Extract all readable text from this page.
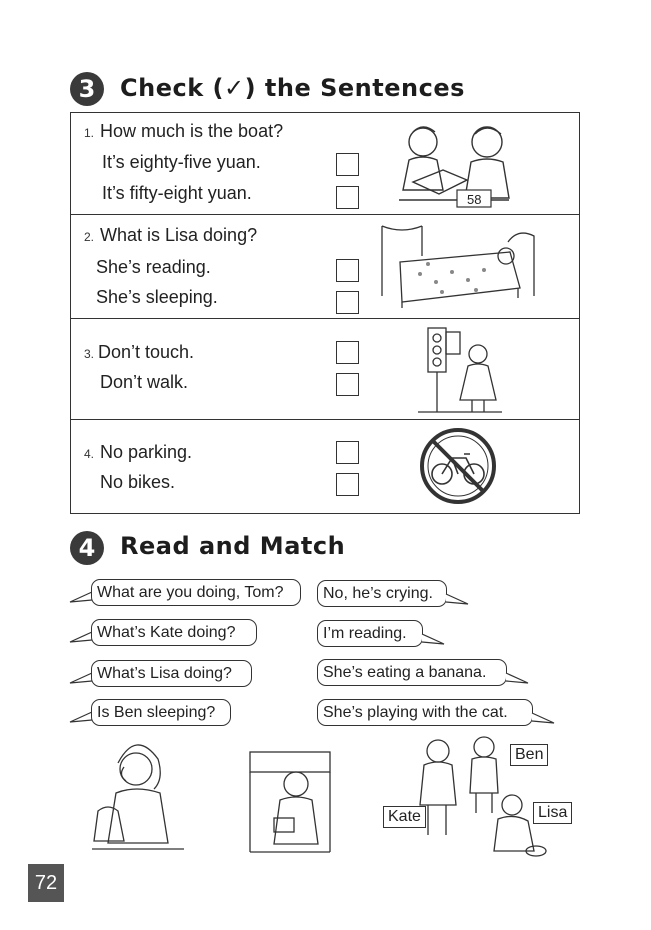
3	Check (✓) the Sentences
1. How much is the boat?
It’s eighty-five yuan.
It’s fifty-eight yuan.	58
2. What is Lisa doing?
She’s reading.
She’s sleeping.
3. Don’t touch.
Don’t walk.
4. No parking.
No bikes.
4	Read and Match
What are you doing, Tom?
What’s Kate doing?
What’s Lisa doing?
Is Ben sleeping?
No, he’s crying.
I’m reading.
She’s eating a banana.
She’s playing with the cat.
Ben
Kate	Lisa
72
